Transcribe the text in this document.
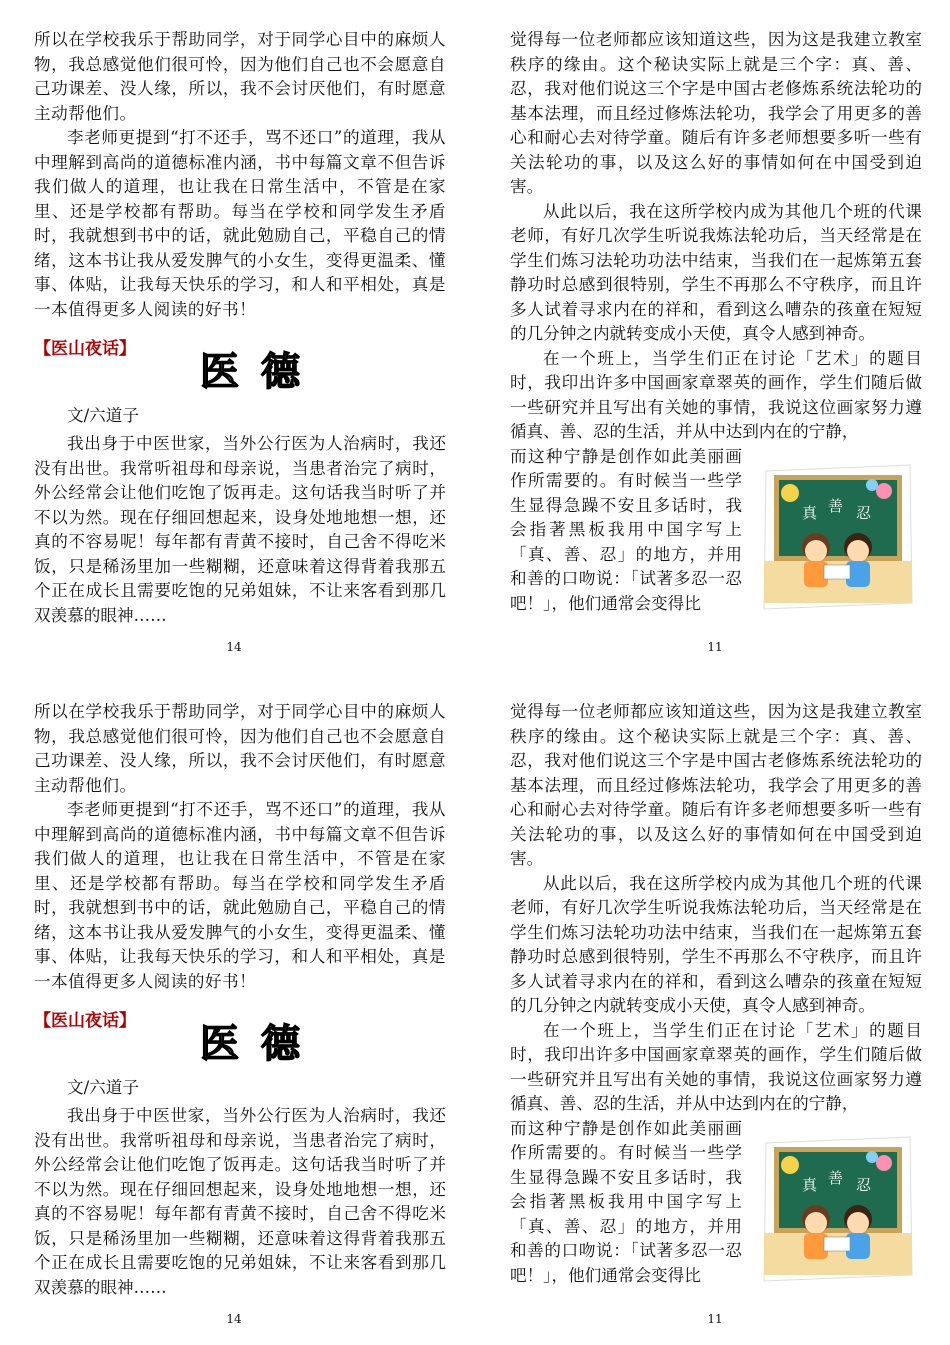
所以在学校我乐于帮助同学，对于同学心目中的麻烦人物，我总感觉他们很可怜，因为他们自己也不会愿意自己功课差、没人缘，所以，我不会讨厌他们，有时愿意主动帮他们。

李老师更提到“打不还手，骂不还口”的道理，我从中理解到高尚的道德标准内涵，书中每篇文章不但告诉我们做人的道理，也让我在日常生活中，不管是在家里、还是学校都有帮助。每当在学校和同学发生矛盾时，我就想到书中的话，就此勉励自己，平稳自己的情绪，这本书让我从爱发脾气的小女生，变得更温柔、懂事、体贴，让我每天快乐的学习，和人和平相处，真是一本值得更多人阅读的好书！

【医山夜话】	医德
文/六道子

我出身于中医世家，当外公行医为人治病时，我还没有出世。我常听祖母和母亲说，当患者治完了病时，外公经常会让他们吃饱了饭再走。这句话我当时听了并不以为然。现在仔细回想起来，设身处地地想一想，还真的不容易呢！每年都有青黄不接时，自己舍不得吃米饭，只是稀汤里加一些糊糊，还意味着这得背着我那五个正在成长且需要吃饱的兄弟姐妹，不让来客看到那几双羡慕的眼神……

14

觉得每一位老师都应该知道这些，因为这是我建立教室秩序的缘由。这个秘诀实际上就是三个字：真、善、忍，我对他们说这三个字是中国古老修炼系统法轮功的基本法理，而且经过修炼法轮功，我学会了用更多的善心和耐心去对待学童。随后有许多老师想要多听一些有关法轮功的事，以及这么好的事情如何在中国受到迫害。

从此以后，我在这所学校内成为其他几个班的代课老师，有好几次学生听说我炼法轮功后，当天经常是在学生们炼习法轮功功法中结束，当我们在一起炼第五套静功时总感到很特别，学生不再那么不守秩序，而且许多人试着寻求内在的祥和，看到这么嘈杂的孩童在短短的几分钟之内就转变成小天使，真令人感到神奇。

在一个班上，当学生们正在讨论「艺术」的题目时，我印出许多中国画家章翠英的画作，学生们随后做一些研究并且写出有关她的事情，我说这位画家努力遵循真、善、忍的生活，并从中达到内在的宁静，

而这种宁静是创作如此美丽画作所需要的。有时候当一些学生显得急躁不安且多话时，我会指著黑板我用中国字写上「真、善、忍」的地方，并用和善的口吻说：「试著多忍一忍吧！」，他们通常会变得比

真 善 忍
11

所以在学校我乐于帮助同学，对于同学心目中的麻烦人物，我总感觉他们很可怜，因为他们自己也不会愿意自己功课差、没人缘，所以，我不会讨厌他们，有时愿意主动帮他们。

李老师更提到“打不还手，骂不还口”的道理，我从中理解到高尚的道德标准内涵，书中每篇文章不但告诉我们做人的道理，也让我在日常生活中，不管是在家里、还是学校都有帮助。每当在学校和同学发生矛盾时，我就想到书中的话，就此勉励自己，平稳自己的情绪，这本书让我从爱发脾气的小女生，变得更温柔、懂事、体贴，让我每天快乐的学习，和人和平相处，真是一本值得更多人阅读的好书！

【医山夜话】	医德
文/六道子

我出身于中医世家，当外公行医为人治病时，我还没有出世。我常听祖母和母亲说，当患者治完了病时，外公经常会让他们吃饱了饭再走。这句话我当时听了并不以为然。现在仔细回想起来，设身处地地想一想，还真的不容易呢！每年都有青黄不接时，自己舍不得吃米饭，只是稀汤里加一些糊糊，还意味着这得背着我那五个正在成长且需要吃饱的兄弟姐妹，不让来客看到那几双羡慕的眼神……

14

觉得每一位老师都应该知道这些，因为这是我建立教室秩序的缘由。这个秘诀实际上就是三个字：真、善、忍，我对他们说这三个字是中国古老修炼系统法轮功的基本法理，而且经过修炼法轮功，我学会了用更多的善心和耐心去对待学童。随后有许多老师想要多听一些有关法轮功的事，以及这么好的事情如何在中国受到迫害。

从此以后，我在这所学校内成为其他几个班的代课老师，有好几次学生听说我炼法轮功后，当天经常是在学生们炼习法轮功功法中结束，当我们在一起炼第五套静功时总感到很特别，学生不再那么不守秩序，而且许多人试着寻求内在的祥和，看到这么嘈杂的孩童在短短的几分钟之内就转变成小天使，真令人感到神奇。

在一个班上，当学生们正在讨论「艺术」的题目时，我印出许多中国画家章翠英的画作，学生们随后做一些研究并且写出有关她的事情，我说这位画家努力遵循真、善、忍的生活，并从中达到内在的宁静，

而这种宁静是创作如此美丽画作所需要的。有时候当一些学生显得急躁不安且多话时，我会指著黑板我用中国字写上「真、善、忍」的地方，并用和善的口吻说：「试著多忍一忍吧！」，他们通常会变得比

真 善 忍
11
